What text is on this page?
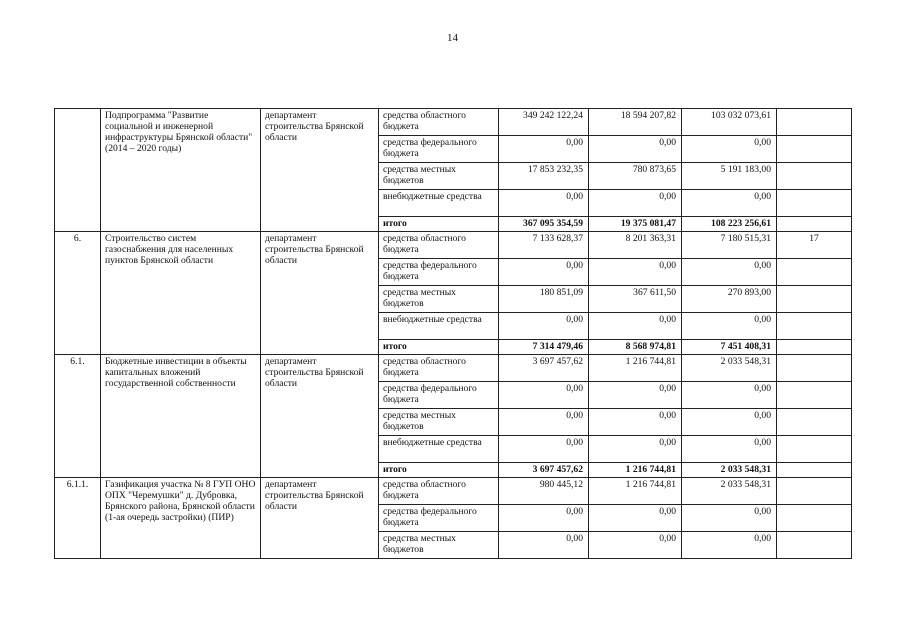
14
	Подпрограмма "Развитие социальной и инженерной инфраструктуры Брянской области" (2014 – 2020 годы)	департамент строительства Брянской области	средства областного бюджета	349 242 122,24	18 594 207,82	103 032 073,61	
			средства федерального бюджета	0,00	0,00	0,00	
			средства местных бюджетов	17 853 232,35	780 873,65	5 191 183,00	
			внебюджетные средства	0,00	0,00	0,00	
			итого	367 095 354,59	19 375 081,47	108 223 256,61	
6.	Строительство систем газоснабжения для населенных пунктов Брянской области	департамент строительства Брянской области	средства областного бюджета	7 133 628,37	8 201 363,31	7 180 515,31	17
			средства федерального бюджета	0,00	0,00	0,00	
			средства местных бюджетов	180 851,09	367 611,50	270 893,00	
			внебюджетные средства	0,00	0,00	0,00	
			итого	7 314 479,46	8 568 974,81	7 451 408,31	
6.1.	Бюджетные инвестиции в объекты капитальных вложений государственной собственности	департамент строительства Брянской области	средства областного бюджета	3 697 457,62	1 216 744,81	2 033 548,31	
			средства федерального бюджета	0,00	0,00	0,00	
			средства местных бюджетов	0,00	0,00	0,00	
			внебюджетные средства	0,00	0,00	0,00	
			итого	3 697 457,62	1 216 744,81	2 033 548,31	
6.1.1.	Газификация участка № 8 ГУП ОНО ОПХ "Черемушки" д. Дубровка, Брянского района, Брянской области (1-ая очередь застройки) (ПИР)	департамент строительства Брянской области	средства областного бюджета	980 445,12	1 216 744,81	2 033 548,31	
			средства федерального бюджета	0,00	0,00	0,00	
			средства местных бюджетов	0,00	0,00	0,00	
